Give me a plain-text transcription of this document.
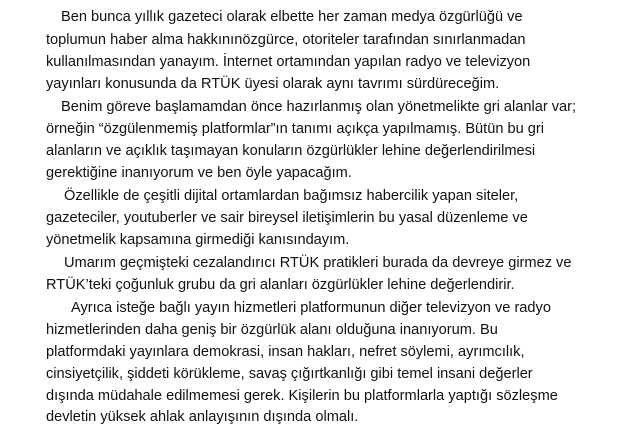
Ben bunca yıllık gazeteci olarak elbette her zaman medya özgürlüğü ve
toplumun haber alma hakkınınözgürce, otoriteler tarafından sınırlanmadan
kullanılmasından yanayım. İnternet ortamından yapılan radyo ve televizyon
yayınları konusunda da RTÜK üyesi olarak aynı tavrımı sürdüreceğim.
Benim göreve başlamamdan önce hazırlanmış olan yönetmelikte gri alanlar var;
örneğin “özgülenmemiş platformlar”ın tanımı açıkça yapılmamış. Bütün bu gri
alanların ve açıklık taşımayan konuların özgürlükler lehine değerlendirilmesi
gerektiğine inanıyorum ve ben öyle yapacağım.
Özellikle de çeşitli dijital ortamlardan bağımsız habercilik yapan siteler,
gazeteciler, youtuberler ve sair bireysel iletişimlerin bu yasal düzenleme ve
yönetmelik kapsamına girmediği kanısındayım.
Umarım geçmişteki cezalandırıcı RTÜK pratikleri burada da devreye girmez ve
RTÜK’teki çoğunluk grubu da gri alanları özgürlükler lehine değerlendirir.
Ayrıca isteğe bağlı yayın hizmetleri platformunun diğer televizyon ve radyo
hizmetlerinden daha geniş bir özgürlük alanı olduğuna inanıyorum. Bu
platformdaki yayınlara demokrasi, insan hakları, nefret söylemi, ayrımcılık,
cinsiyetçilik, şiddeti körükleme, savaş çığırtkanlığı gibi temel insani değerler
dışında müdahale edilmemesi gerek. Kişilerin bu platformlarla yaptığı sözleşme
devletin yüksek ahlak anlayışının dışında olmalı.
